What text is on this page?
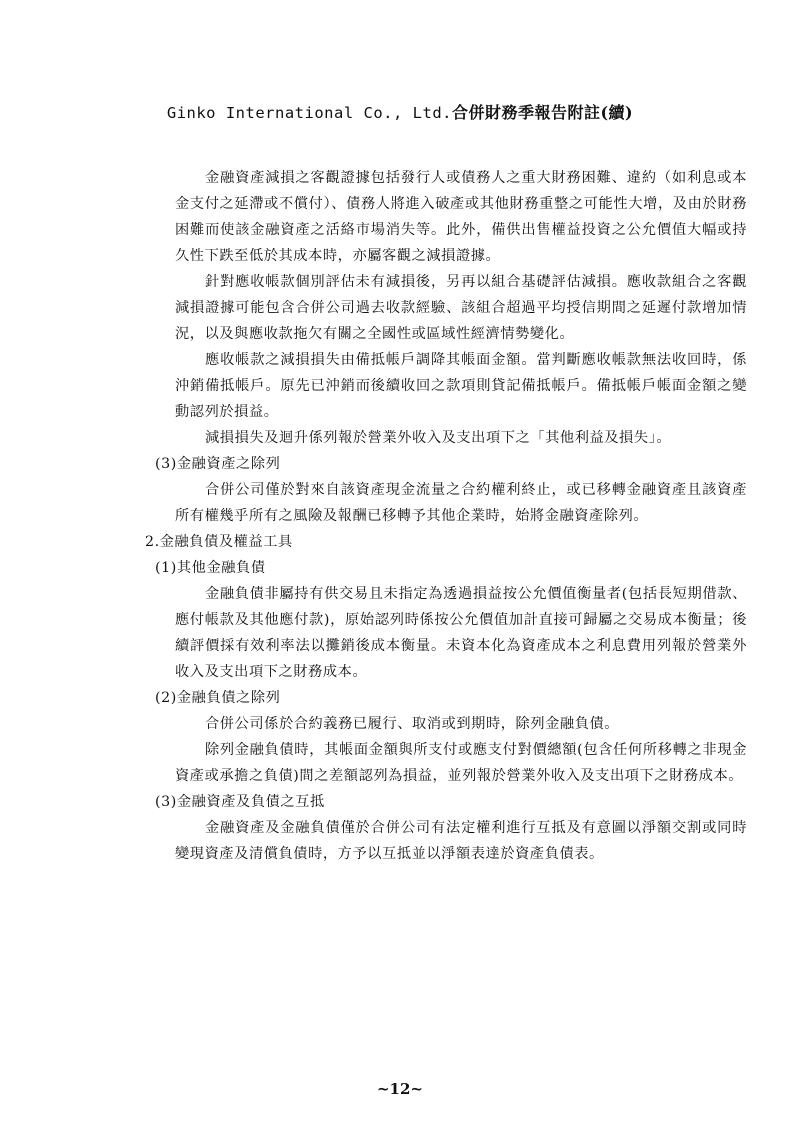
Ginko International Co., Ltd.合併財務季報告附註(續)

金融資產減損之客觀證據包括發行人或債務人之重大財務困難、違約（如利息或本金支付之延滯或不償付）、債務人將進入破產或其他財務重整之可能性大增，及由於財務困難而使該金融資產之活絡市場消失等。此外，備供出售權益投資之公允價值大幅或持久性下跌至低於其成本時，亦屬客觀之減損證據。

針對應收帳款個別評估未有減損後，另再以組合基礎評估減損。應收款組合之客觀減損證據可能包含合併公司過去收款經驗、該組合超過平均授信期間之延遲付款增加情況，以及與應收款拖欠有關之全國性或區域性經濟情勢變化。

應收帳款之減損損失由備抵帳戶調降其帳面金額。當判斷應收帳款無法收回時，係沖銷備抵帳戶。原先已沖銷而後續收回之款項則貸記備抵帳戶。備抵帳戶帳面金額之變動認列於損益。

減損損失及迴升係列報於營業外收入及支出項下之「其他利益及損失」。

(3)金融資產之除列

合併公司僅於對來自該資產現金流量之合約權利終止，或已移轉金融資產且該資產所有權幾乎所有之風險及報酬已移轉予其他企業時，始將金融資產除列。

2.金融負債及權益工具

(1)其他金融負債

金融負債非屬持有供交易且未指定為透過損益按公允價值衡量者(包括長短期借款、應付帳款及其他應付款)，原始認列時係按公允價值加計直接可歸屬之交易成本衡量；後續評價採有效利率法以攤銷後成本衡量。未資本化為資產成本之利息費用列報於營業外收入及支出項下之財務成本。

(2)金融負債之除列

合併公司係於合約義務已履行、取消或到期時，除列金融負債。

除列金融負債時，其帳面金額與所支付或應支付對價總額(包含任何所移轉之非現金資產或承擔之負債)間之差額認列為損益，並列報於營業外收入及支出項下之財務成本。

(3)金融資產及負債之互抵

金融資產及金融負債僅於合併公司有法定權利進行互抵及有意圖以淨額交割或同時變現資產及清償負債時，方予以互抵並以淨額表達於資產負債表。

~12~
